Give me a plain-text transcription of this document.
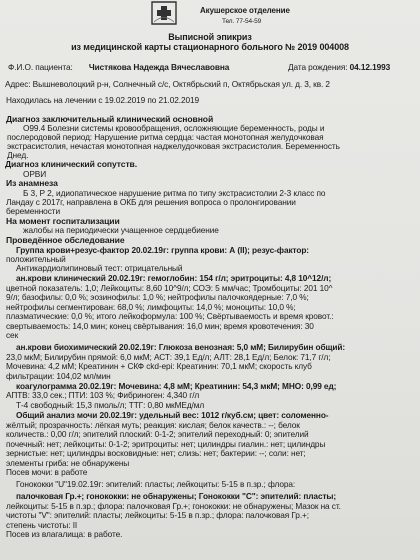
Акушерское отделение
Тел. 77-54-59
Выписной эпикриз
из медицинской карты стационарного больного № 2019 004008
Ф.И.О. пациента: Чистякова Надежда Вячеславовна	Дата рождения: 04.12.1993
Адрес: Вышневолоцкий р-н, Солнечный с/с, Октябрьский п, Октябрьская ул. д. 3, кв. 2
Находилась на лечении с 19.02.2019 по 21.02.2019
Диагноз заключительный клинический основной
О99.4 Болезни системы кровообращения, осложняющие беременность, роды и
послеродовой период: Нарушение ритма сердца: частая монотопная желудочковая
экстрасистолия, нечастая монотопная наджелудочковая экстрасистолия. Беременность
Днед.
Диагноз клинический сопутств.
ОРВИ
Из анамнеза
Б 3, Р 2, идиопатическое нарушение ритма по типу экстрасистолии 2-3 класс по
Ландау с 2017г, направлена в ОКБ для решения вопроса о пролонгировании
беременности
На момент госпитализации
жалобы на периодически учащенное сердцебиение
Проведённое обследование
Группа крови+резус-фактор 20.02.19г: группа крови: А (II); резус-фактор:
положительный
Антикардиолипиновый тест: отрицательный
ан.крови клинический 20.02.19г: гемоглобин: 154 г/л; эритроциты: 4,8 10^12/л;
цветной показатель: 1,0; Лейкоциты: 8,60 10^9/л; СОЭ: 5 мм/час; Тромбоциты: 201 10^
9/л; базофилы: 0,0 %; эозинофилы: 1,0 %; нейтрофилы палочкоядерные: 7,0 %;
нейтрофилы сегментирован: 68,0 %; лимфоциты: 14,0 %; моноциты: 10,0 %;
плазматические: 0,0 %; итого лейкоформула: 100 %; Свёртываемость и время кровот.:
свертываемость: 14,0 мин; конец свёртывания: 16,0 мин; время кровотечения: 30
сек
ан.крови биохимический 20.02.19г: Глюкоза венозная: 5,0 мМ; Билирубин общий:
23,0 мкМ; Билирубин прямой: 6,0 мкМ; АСТ: 39,1 Ед/л; АЛТ: 28,1 Ед/л; Белок: 71,7 г/л;
Мочевина: 4,2 мМ; Креатинин + СКФ ckd-epi: Креатинин: 70,1 мкМ; скорость клуб
фильтрации: 104,02 мл/мин
коагулограмма 20.02.19г: Мочевина: 4,8 мМ; Креатинин: 54,3 мкМ; МНО: 0,99 ед;
АПТВ: 33,0 сек.; ПТИ: 103 %; Фибриноген: 4,340 г/л
Т-4 свободный: 15,3 пмоль/л; ТТГ: 0,80 мкМЕд/мл
Общий анализ мочи 20.02.19г: удельный вес: 1012 г/куб.см; цвет: соломенно-
жёлтый; прозрачность: лёгкая муть; реакция: кислая; белок качеств.: --; белок
количеств.: 0,00 г/л; эпителий плоский: 0-1-2; эпителий переходный: 0; эпителий
почечный: нет; лейкоциты: 0-1-2; эритроциты: нет; цилиндры гиалин.: нет; цилиндры
зернистые: нет; цилиндры восковидные: нет; слизь: нет; бактерии: --; соли: нет;
элементы гриба: не обнаружены
Посев мочи: в работе
Гонококки "U"19.02.19г: эпителий: пласты; лейкоциты: 5-15 в п.зр.; флора:
палочковая Гр.+; гонококки: не обнаружены; Гонококки "С": эпителий: пласты;
лейкоциты: 5-15 в п.зр.; флора: палочковая Гр.+; гонококки: не обнаружены; Мазок на ст.
чистоты "V": эпителий: пласты; лейкоциты: 5-15 в п.зр.; флора: палочковая Гр.+;
степень чистоты: II
Посев из влагалища: в работе.
